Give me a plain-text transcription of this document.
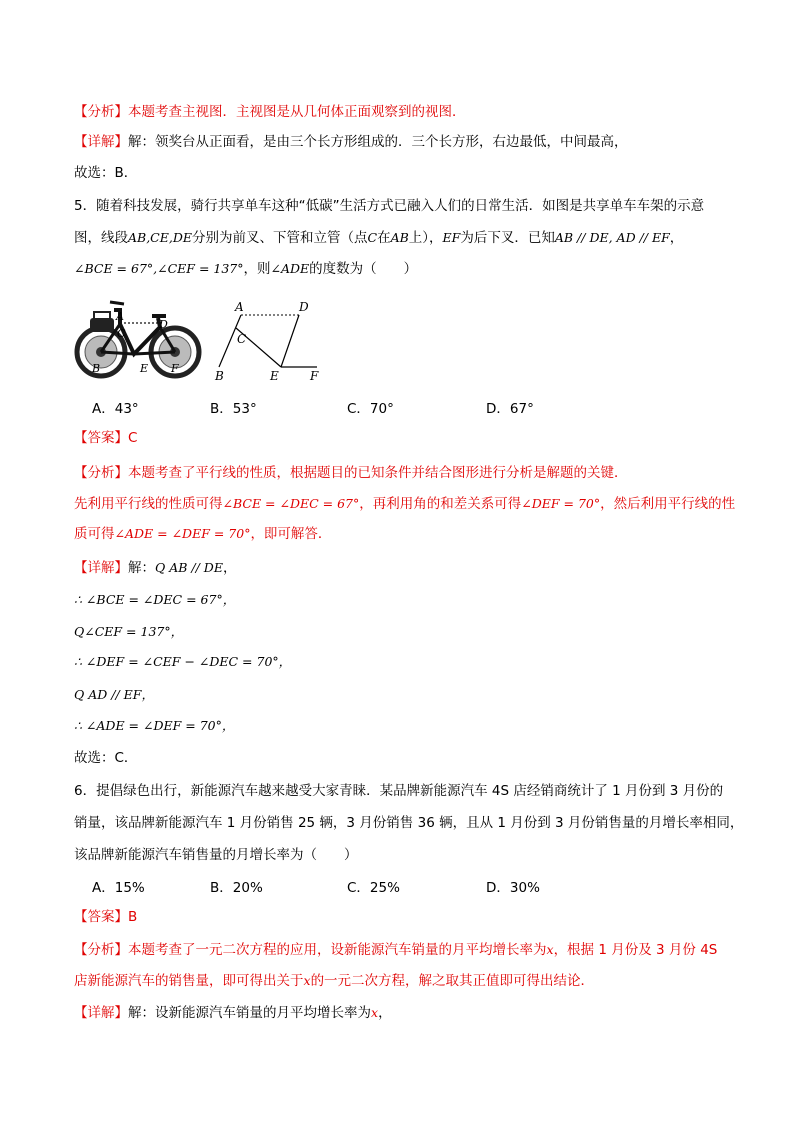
【分析】本题考查主视图．主视图是从几何体正面观察到的视图．
【详解】解：领奖台从正面看，是由三个长方形组成的．三个长方形，右边最低，中间最高，
故选：B．
5．随着科技发展，骑行共享单车这种“低碳”生活方式已融入人们的日常生活．如图是共享单车车架的示意
图，线段AB,CE,DE分别为前叉、下管和立管（点C在AB上），EF为后下叉．已知AB // DE, AD // EF，
∠BCE = 67°,∠CEF = 137°，则∠ADE的度数为（　　）
A
C
D
B	E F
A	D
C
B	E	F
A．43°	B．53°	C．70°	D．67°
【答案】C
【分析】本题考查了平行线的性质，根据题目的已知条件并结合图形进行分析是解题的关键．
先利用平行线的性质可得∠BCE = ∠DEC = 67°，再利用角的和差关系可得∠DEF = 70°，然后利用平行线的性
质可得∠ADE = ∠DEF = 70°，即可解答．
【详解】解：Q AB // DE，
∴ ∠BCE = ∠DEC = 67°，
Q∠CEF = 137°，
∴ ∠DEF = ∠CEF − ∠DEC = 70°，
Q AD // EF，
∴ ∠ADE = ∠DEF = 70°，
故选：C．
6．提倡绿色出行，新能源汽车越来越受大家青睐．某品牌新能源汽车 4S 店经销商统计了 1 月份到 3 月份的
销量，该品牌新能源汽车 1 月份销售 25 辆，3 月份销售 36 辆，且从 1 月份到 3 月份销售量的月增长率相同，
该品牌新能源汽车销售量的月增长率为（　　）
A．15%	B．20%	C．25%	D．30%
【答案】B
【分析】本题考查了一元二次方程的应用，设新能源汽车销量的月平均增长率为x，根据 1 月份及 3 月份 4S
店新能源汽车的销售量，即可得出关于x的一元二次方程，解之取其正值即可得出结论．
【详解】解：设新能源汽车销量的月平均增长率为x，
